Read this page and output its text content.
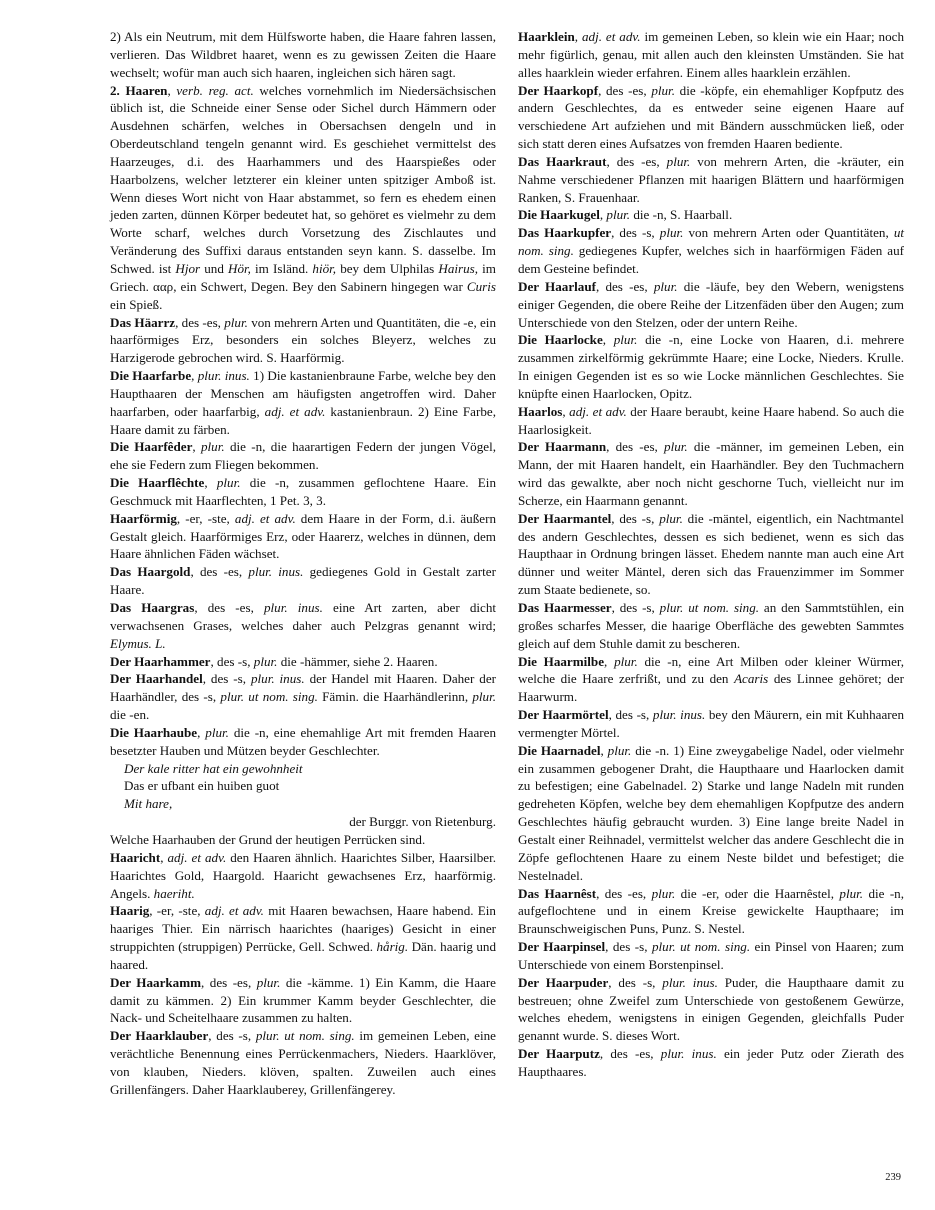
2) Als ein Neutrum, mit dem Hülfsworte haben, die Haare fahren lassen, verlieren. Das Wildbret haaret, wenn es zu gewissen Zeiten die Haare wechselt; wofür man auch sich haaren, ingleichen sich hären sagt.

2. Haaren, verb. reg. act. welches vornehmlich im Niedersächsischen üblich ist, die Schneide einer Sense oder Sichel durch Hämmern oder Ausdehnen schärfen, welches in Obersachsen dengeln und in Oberdeutschland tengeln genannt wird. Es geschiehet vermittelst des Haarzeuges, d.i. des Haarhammers und des Haarspießes oder Haarbolzens, welcher letzterer ein kleiner unten spitziger Amboß ist. Wenn dieses Wort nicht von Haar abstammet, so fern es ehedem einen jeden zarten, dünnen Körper bedeutet hat, so gehöret es vielmehr zu dem Worte scharf, welches durch Vorsetzung des Zischlautes und Veränderung des Suffixi daraus entstanden seyn kann. S. dasselbe. Im Schwed. ist Hjor und Hör, im Isländ. hiör, bey dem Ulphilas Hairus, im Griech. ααρ, ein Schwert, Degen. Bey den Sabinern hingegen war Curis ein Spieß.

Das Häarrz, des -es, plur. von mehrern Arten und Quantitäten, die -e, ein haarförmiges Erz, besonders ein solches Bleyerz, welches zu Harzigerode gebrochen wird. S. Haarförmig.

Die Haarfarbe, plur. inus. 1) Die kastanienbraune Farbe, welche bey den Haupthaaren der Menschen am häufigsten angetroffen wird. Daher haarfarben, oder haarfarbig, adj. et adv. kastanienbraun. 2) Eine Farbe, Haare damit zu färben.

Die Haarfêder, plur. die -n, die haarartigen Federn der jungen Vögel, ehe sie Federn zum Fliegen bekommen.

Die Haarflêchte, plur. die -n, zusammen geflochtene Haare. Ein Geschmuck mit Haarflechten, 1 Pet. 3, 3.

Haarförmig, -er, -ste, adj. et adv. dem Haare in der Form, d.i. äußern Gestalt gleich. Haarförmiges Erz, oder Haarerz, welches in dünnen, dem Haare ähnlichen Fäden wächset.

Das Haargold, des -es, plur. inus. gediegenes Gold in Gestalt zarter Haare.

Das Haargras, des -es, plur. inus. eine Art zarten, aber dicht verwachsenen Grases, welches daher auch Pelzgras genannt wird; Elymus. L.

Der Haarhammer, des -s, plur. die -hämmer, siehe 2. Haaren.

Der Haarhandel, des -s, plur. inus. der Handel mit Haaren. Daher der Haarhändler, des -s, plur. ut nom. sing. Fämin. die Haarhändlerinn, plur. die -en.

Die Haarhaube, plur. die -n, eine ehemahlige Art mit fremden Haaren besetzter Hauben und Mützen beyder Geschlechter.

Der kale ritter hat ein gewohnheit

Das er ufbant ein huiben guot

Mit hare,

der Burggr. von Rietenburg.

Welche Haarhauben der Grund der heutigen Perrücken sind.

Haaricht, adj. et adv. den Haaren ähnlich. Haarichtes Silber, Haarsilber. Haarichtes Gold, Haargold. Haaricht gewachsenes Erz, haarförmig. Angels. haeriht.

Haarig, -er, -ste, adj. et adv. mit Haaren bewachsen, Haare habend. Ein haariges Thier. Ein närrisch haarichtes (haariges) Gesicht in einer struppichten (struppigen) Perrücke, Gell. Schwed. hårig. Dän. haarig und haared.

Der Haarkamm, des -es, plur. die -kämme. 1) Ein Kamm, die Haare damit zu kämmen. 2) Ein krummer Kamm beyder Geschlechter, die Nack- und Scheitelhaare zusammen zu halten.

Der Haarklauber, des -s, plur. ut nom. sing. im gemeinen Leben, eine verächtliche Benennung eines Perrückenmachers, Nieders. Haarklöver, von klauben, Nieders. klöven, spalten. Zuweilen auch eines Grillenfängers. Daher Haarklauberey, Grillenfängerey.

Haarklein, adj. et adv. im gemeinen Leben, so klein wie ein Haar; noch mehr figürlich, genau, mit allen auch den kleinsten Umständen. Sie hat alles haarklein wieder erfahren. Einem alles haarklein erzählen.

Der Haarkopf, des -es, plur. die -köpfe, ein ehemahliger Kopfputz des andern Geschlechtes, da es entweder seine eigenen Haare auf verschiedene Art aufziehen und mit Bändern ausschmücken ließ, oder sich statt deren eines Aufsatzes von fremden Haaren bediente.

Das Haarkraut, des -es, plur. von mehrern Arten, die -kräuter, ein Nahme verschiedener Pflanzen mit haarigen Blättern und haarförmigen Ranken, S. Frauenhaar.

Die Haarkugel, plur. die -n, S. Haarball.

Das Haarkupfer, des -s, plur. von mehrern Arten oder Quantitäten, ut nom. sing. gediegenes Kupfer, welches sich in haarförmigen Fäden auf dem Gesteine befindet.

Der Haarlauf, des -es, plur. die -läufe, bey den Webern, wenigstens einiger Gegenden, die obere Reihe der Litzenfäden über den Augen; zum Unterschiede von den Stelzen, oder der untern Reihe.

Die Haarlocke, plur. die -n, eine Locke von Haaren, d.i. mehrere zusammen zirkelförmig gekrümmte Haare; eine Locke, Nieders. Krulle. In einigen Gegenden ist es so wie Locke männlichen Geschlechtes. Sie knüpfte einen Haarlocken, Opitz.

Haarlos, adj. et adv. der Haare beraubt, keine Haare habend. So auch die Haarlosigkeit.

Der Haarmann, des -es, plur. die -männer, im gemeinen Leben, ein Mann, der mit Haaren handelt, ein Haarhändler. Bey den Tuchmachern wird das gewalkte, aber noch nicht geschorne Tuch, vielleicht nur im Scherze, ein Haarmann genannt.

Der Haarmantel, des -s, plur. die -mäntel, eigentlich, ein Nachtmantel des andern Geschlechtes, dessen es sich bedienet, wenn es sich das Haupthaar in Ordnung bringen lässet. Ehedem nannte man auch eine Art dünner und weiter Mäntel, deren sich das Frauenzimmer im Sommer zum Staate bedienete, so.

Das Haarmesser, des -s, plur. ut nom. sing. an den Sammtstühlen, ein großes scharfes Messer, die haarige Oberfläche des gewebten Sammtes gleich auf dem Stuhle damit zu bescheren.

Die Haarmilbe, plur. die -n, eine Art Milben oder kleiner Würmer, welche die Haare zerfrißt, und zu den Acaris des Linnee gehöret; der Haarwurm.

Der Haarmörtel, des -s, plur. inus. bey den Mäurern, ein mit Kuhhaaren vermengter Mörtel.

Die Haarnadel, plur. die -n. 1) Eine zweygabelige Nadel, oder vielmehr ein zusammen gebogener Draht, die Haupthaare und Haarlocken damit zu befestigen; eine Gabelnadel. 2) Starke und lange Nadeln mit runden gedreheten Köpfen, welche bey dem ehemahligen Kopfputze des andern Geschlechtes häufig gebraucht wurden. 3) Eine lange breite Nadel in Gestalt einer Reihnadel, vermittelst welcher das andere Geschlecht die in Zöpfe geflochtenen Haare zu einem Neste bildet und befestiget; die Nestelnadel.

Das Haarnêst, des -es, plur. die -er, oder die Haarnêstel, plur. die -n, aufgeflochtene und in einem Kreise gewickelte Haupthaare; im Braunschweigischen Puns, Punz. S. Nestel.

Der Haarpinsel, des -s, plur. ut nom. sing. ein Pinsel von Haaren; zum Unterschiede von einem Borstenpinsel.

Der Haarpuder, des -s, plur. inus. Puder, die Haupthaare damit zu bestreuen; ohne Zweifel zum Unterschiede von gestoßenem Gewürze, welches ehedem, wenigstens in einigen Gegenden, gleichfalls Puder genannt wurde. S. dieses Wort.

Der Haarputz, des -es, plur. inus. ein jeder Putz oder Zierath des Haupthaares.

239
